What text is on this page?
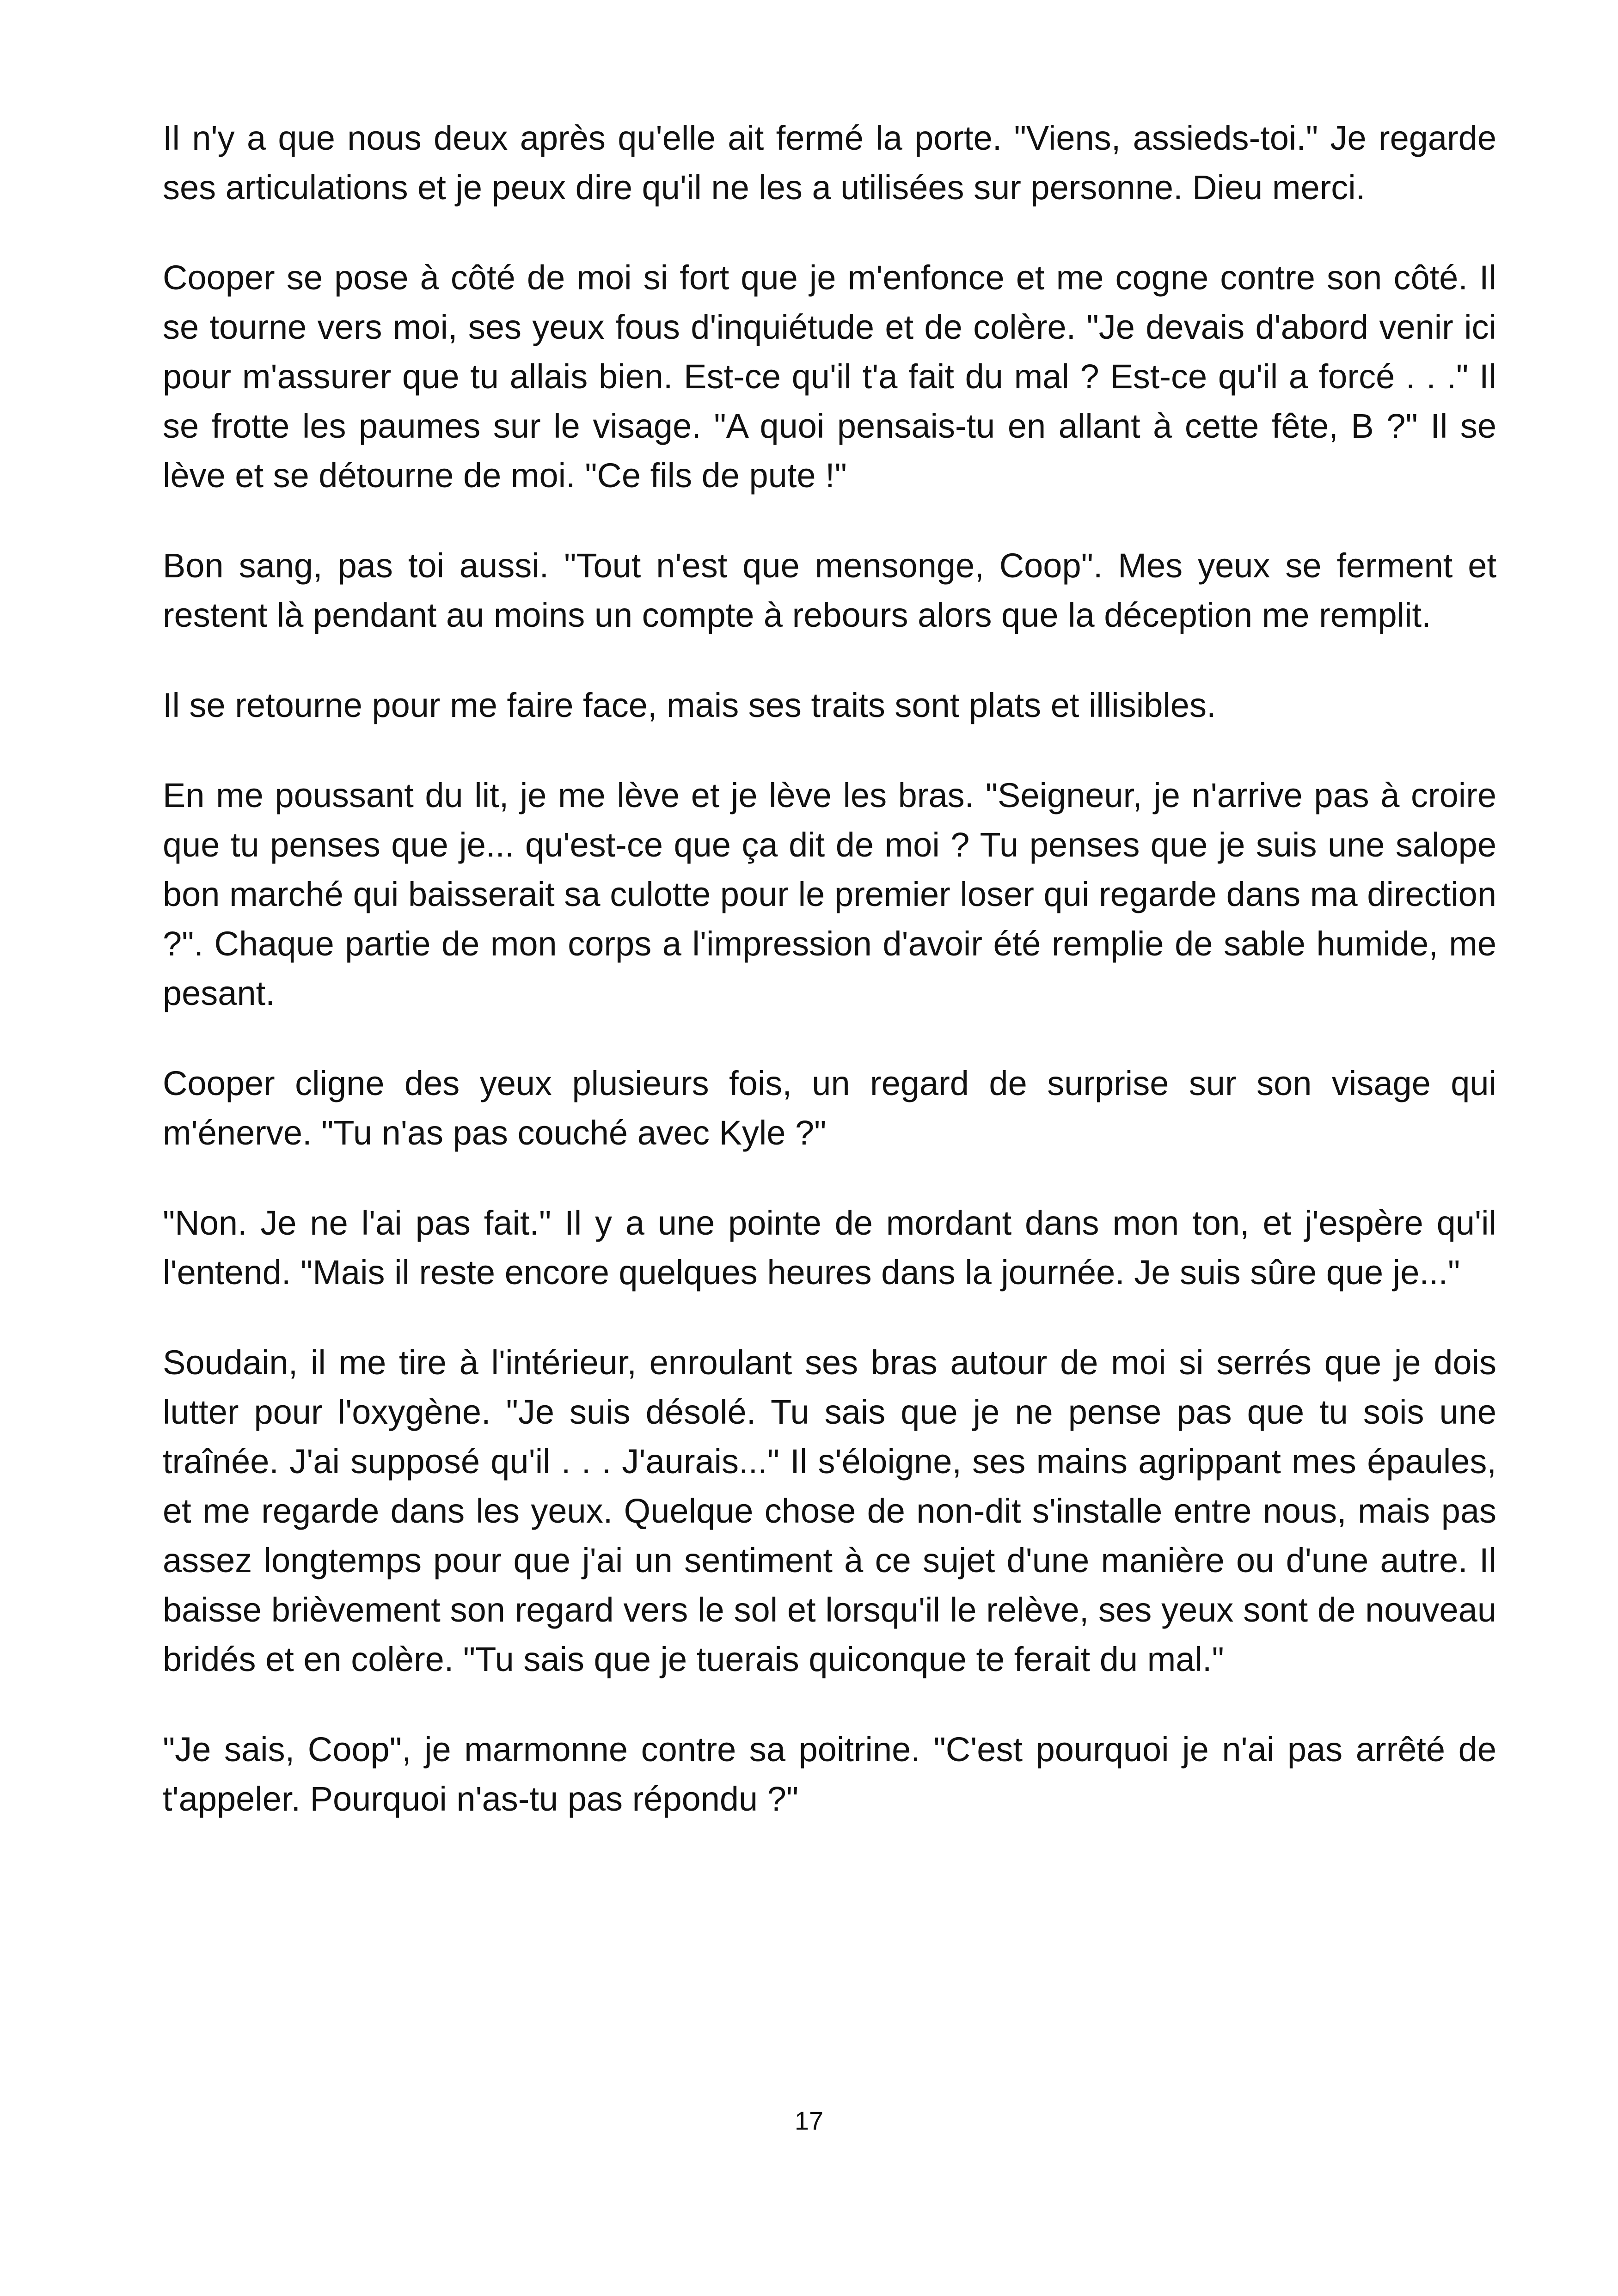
Il n'y a que nous deux après qu'elle ait fermé la porte. "Viens, assieds-toi." Je regarde ses articulations et je peux dire qu'il ne les a utilisées sur personne. Dieu merci.

Cooper se pose à côté de moi si fort que je m'enfonce et me cogne contre son côté. Il se tourne vers moi, ses yeux fous d'inquiétude et de colère. "Je devais d'abord venir ici pour m'assurer que tu allais bien. Est-ce qu'il t'a fait du mal ? Est-ce qu'il a forcé . . ." Il se frotte les paumes sur le visage. "A quoi pensais-tu en allant à cette fête, B ?" Il se lève et se détourne de moi. "Ce fils de pute !"

Bon sang, pas toi aussi. "Tout n'est que mensonge, Coop". Mes yeux se ferment et restent là pendant au moins un compte à rebours alors que la déception me remplit.

Il se retourne pour me faire face, mais ses traits sont plats et illisibles.

En me poussant du lit, je me lève et je lève les bras. "Seigneur, je n'arrive pas à croire que tu penses que je... qu'est-ce que ça dit de moi ? Tu penses que je suis une salope bon marché qui baisserait sa culotte pour le premier loser qui regarde dans ma direction ?". Chaque partie de mon corps a l'impression d'avoir été remplie de sable humide, me pesant.

Cooper cligne des yeux plusieurs fois, un regard de surprise sur son visage qui m'énerve. "Tu n'as pas couché avec Kyle ?"

"Non. Je ne l'ai pas fait." Il y a une pointe de mordant dans mon ton, et j'espère qu'il l'entend. "Mais il reste encore quelques heures dans la journée. Je suis sûre que je..."

Soudain, il me tire à l'intérieur, enroulant ses bras autour de moi si serrés que je dois lutter pour l'oxygène. "Je suis désolé. Tu sais que je ne pense pas que tu sois une traînée. J'ai supposé qu'il . . . J'aurais..." Il s'éloigne, ses mains agrippant mes épaules, et me regarde dans les yeux. Quelque chose de non-dit s'installe entre nous, mais pas assez longtemps pour que j'ai un sentiment à ce sujet d'une manière ou d'une autre. Il baisse brièvement son regard vers le sol et lorsqu'il le relève, ses yeux sont de nouveau bridés et en colère. "Tu sais que je tuerais quiconque te ferait du mal."

"Je sais, Coop", je marmonne contre sa poitrine. "C'est pourquoi je n'ai pas arrêté de t'appeler. Pourquoi n'as-tu pas répondu ?"

17
